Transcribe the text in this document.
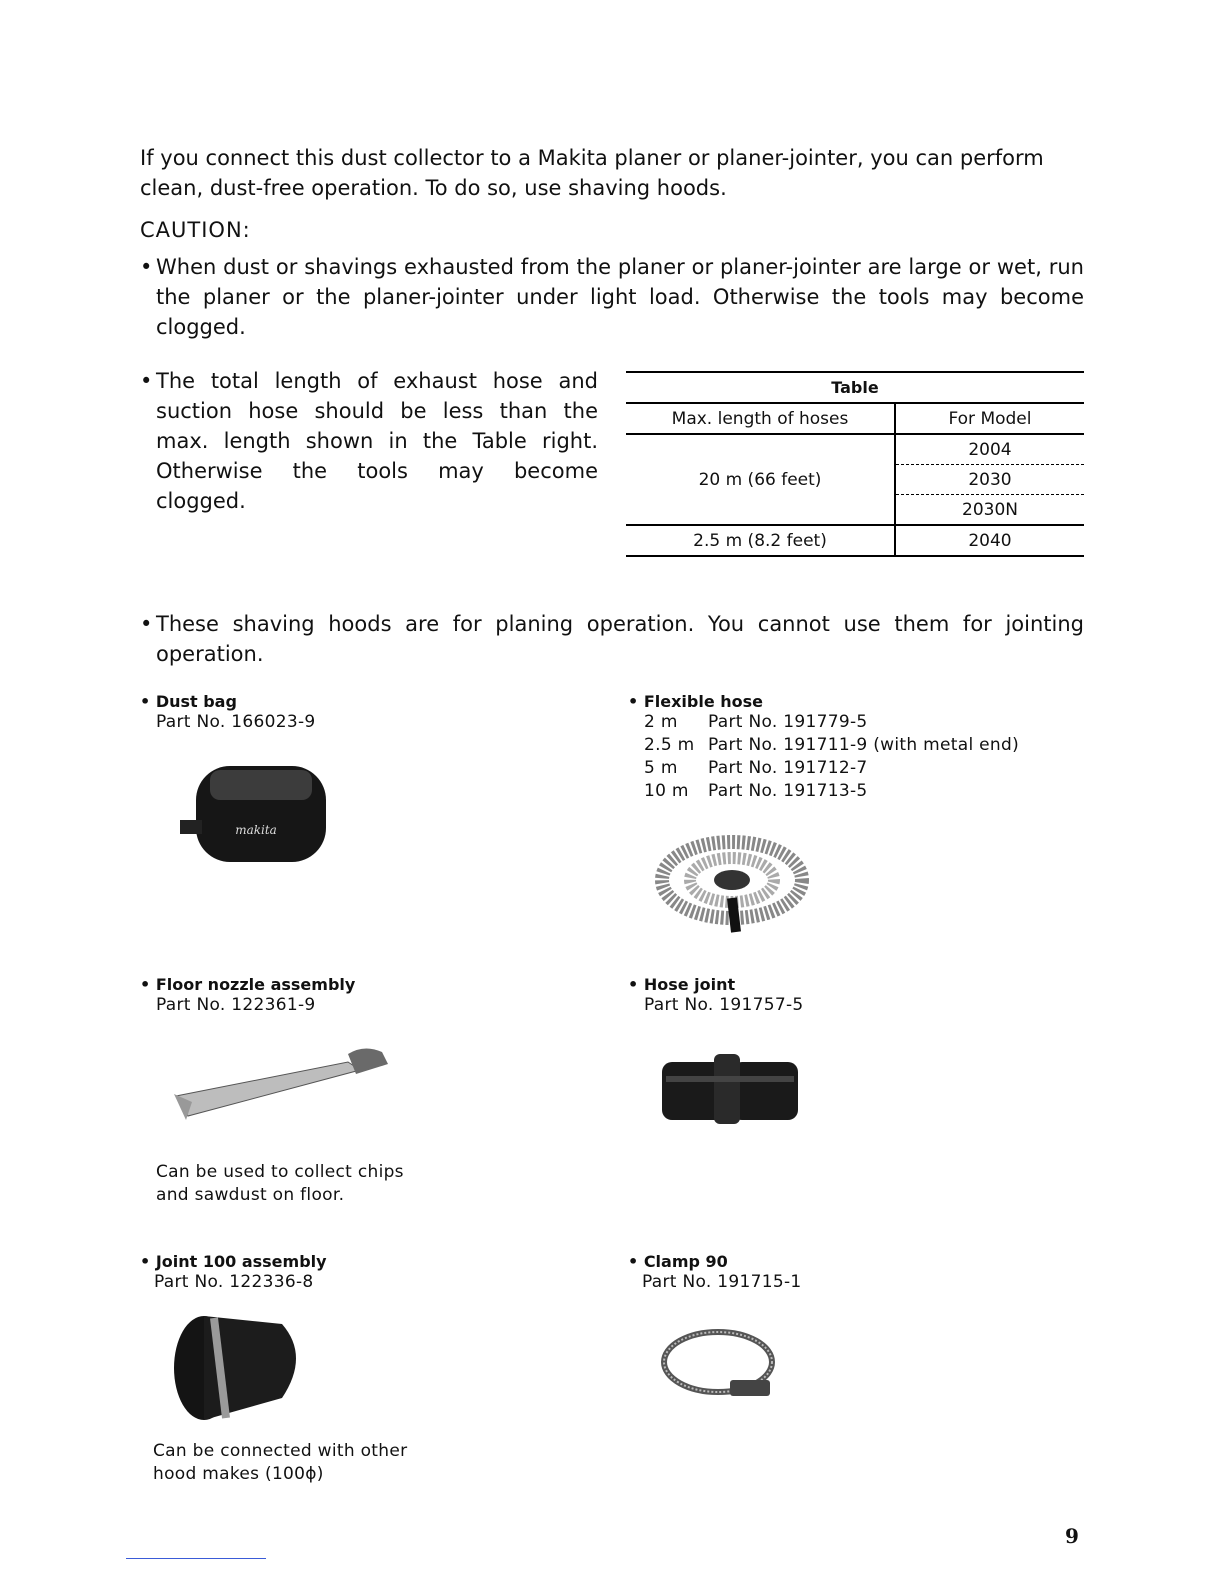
If you connect this dust collector to a Makita planer or planer-jointer, you can perform
clean, dust-free operation. To do so, use shaving hoods.
CAUTION:
• When dust or shavings exhausted from the planer or planer-jointer are large or wet, run the planer or the planer-jointer under light load. Otherwise the tools may become clogged.
• The total length of exhaust hose and suction hose should be less than the max. length shown in the Table right. Otherwise the tools may become clogged.
Table	
Max. length of hoses	For Model
20 m (66 feet)	2004
	2030
	2030N
2.5 m (8.2 feet)	2040
• These shaving hoods are for planing operation. You cannot use them for jointing operation.
• Dust bag
Part No. 166023-9
makita
• Flexible hose
2 m	Part No. 191779-5
2.5 m Part No. 191711-9 (with metal end)
5 m	Part No. 191712-7
10 m	Part No. 191713-5
• Floor nozzle assembly
Part No. 122361-9
Can be used to collect chips
and sawdust on floor.
• Hose joint
Part No. 191757-5
• Joint 100 assembly
Part No. 122336-8
Can be connected with other
hood makes (100ϕ)
• Clamp 90
Part No. 191715-1
9
